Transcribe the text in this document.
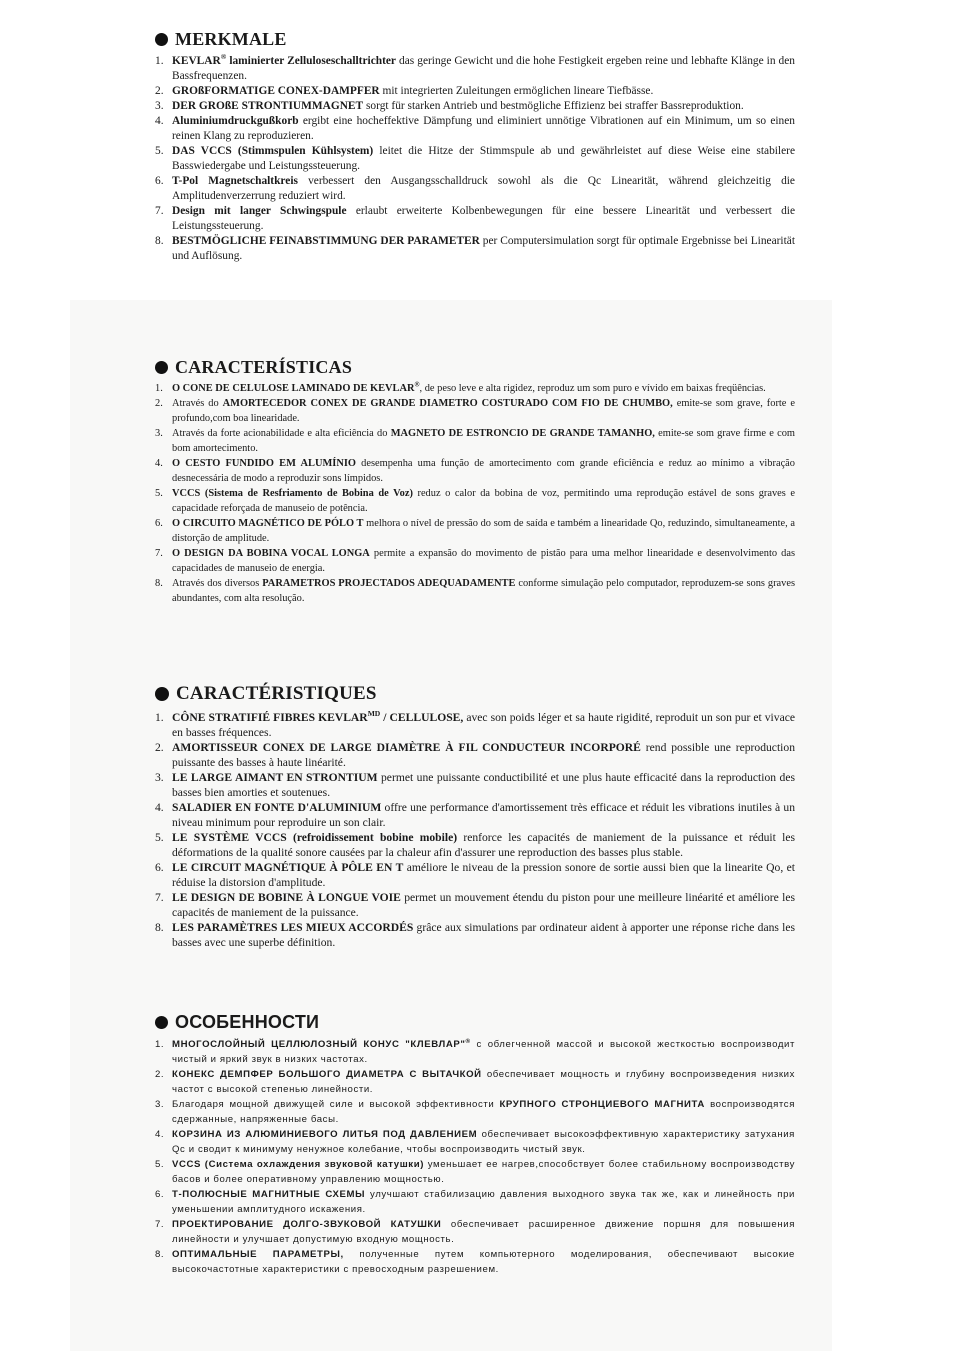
MERKMALE
1. KEVLAR® laminierter Zelluloseschalltrichter das geringe Gewicht und die hohe Festigkeit ergeben reine und lebhafte Klänge in den Bassfrequenzen.
2. GROßFORMATIGE CONEX-DAMPFER mit integrierten Zuleitungen ermöglichen lineare Tiefbässe.
3. DER GROßE STRONTIUMMAGNET sorgt für starken Antrieb und bestmögliche Effizienz bei straffer Bassreproduktion.
4. Aluminiumdruckgußkorb ergibt eine hocheffektive Dämpfung und eliminiert unnötige Vibrationen auf ein Minimum, um so einen reinen Klang zu reproduzieren.
5. DAS VCCS (Stimmspulen Kühlsystem) leitet die Hitze der Stimmspule ab und gewährleistet auf diese Weise eine stabilere Basswiedergabe und Leistungssteuerung.
6. T-Pol Magnetschaltkreis verbessert den Ausgangsschalldruck sowohl als die Qc Linearität, während gleichzeitig die Amplitudenverzerrung reduziert wird.
7. Design mit langer Schwingspule erlaubt erweiterte Kolbenbewegungen für eine bessere Linearität und verbessert die Leistungssteuerung.
8. BESTMÖGLICHE FEINABSTIMMUNG DER PARAMETER per Computersimulation sorgt für optimale Ergebnisse bei Linearität und Auflösung.
CARACTERÍSTICAS
1. O CONE DE CELULOSE LAMINADO DE KEVLAR®, de peso leve e alta rigidez, reproduz um som puro e vívido em baixas freqüências.
2. Através do AMORTECEDOR CONEX DE GRANDE DIAMETRO COSTURADO COM FIO DE CHUMBO, emite-se som grave, forte e profundo,com boa linearidade.
3. Através da forte acionabilidade e alta eficiência do MAGNETO DE ESTRONCIO DE GRANDE TAMANHO, emite-se som grave firme e com bom amortecimento.
4. O CESTO FUNDIDO EM ALUMÍNIO desempenha uma função de amortecimento com grande eficiência e reduz ao mínimo a vibração desnecessária de modo a reproduzir sons límpidos.
5. VCCS (Sistema de Resfriamento de Bobina de Voz) reduz o calor da bobina de voz, permitindo uma reprodução estável de sons graves e capacidade reforçada de manuseio de potência.
6. O CIRCUITO MAGNÉTICO DE PÓLO T melhora o nível de pressão do som de saída e também a linearidade Qo, reduzindo, simultaneamente, a distorção de amplitude.
7. O DESIGN DA BOBINA VOCAL LONGA permite a expansão do movimento de pistão para uma melhor linearidade e desenvolvimento das capacidades de manuseio de energia.
8. Através dos diversos PARAMETROS PROJECTADOS ADEQUADAMENTE conforme simulação pelo computador, reproduzem-se sons graves abundantes, com alta resolução.
CARACTÉRISTIQUES
1. CÔNE STRATIFIÉ FIBRES $KEVLAR^{MD}$ / CELLULOSE, avec son poids léger et sa haute rigidité, reproduit un son pur et vivace en basses fréquences.
2. AMORTISSEUR CONEX DE LARGE DIAMÈTRE À FIL CONDUCTEUR INCORPORÉ rend possible une reproduction puissante des basses à haute linéarité.
3. LE LARGE AIMANT EN STRONTIUM permet une puissante conductibilité et une plus haute efficacité dans la reproduction des basses bien amorties et soutenues.
4. SALADIER EN FONTE D'ALUMINIUM offre une performance d'amortissement très efficace et réduit les vibrations inutiles à un niveau minimum pour reproduire un son clair.
5. LE SYSTÈME VCCS (refroidissement bobine mobile) renforce les capacités de maniement de la puissance et réduit les déformations de la qualité sonore causées par la chaleur afin d'assurer une reproduction des basses plus stable.
6. LE CIRCUIT MAGNÉTIQUE À PÔLE EN T améliore le niveau de la pression sonore de sortie aussi bien que la linearite Qo, et réduise la distorsion d'amplitude.
7. LE DESIGN DE BOBINE À LONGUE VOIE permet un mouvement étendu du piston pour une meilleure linéarité et améliore les capacités de maniement de la puissance.
8. LES PARAMÈTRES LES MIEUX ACCORDÉS grâce aux simulations par ordinateur aident à apporter une réponse riche dans les basses avec une superbe définition.
ОСОБЕННОСТИ
1. МНОГОСЛОЙНЫЙ ЦЕЛЛЮЛОЗНЫЙ КОНУС "КЛЕВЛАР"® с облегченной массой и высокой жесткостью воспроизводит чистый и яркий звук в низких частотах.
2. КОНЕКС ДЕМПФЕР БОЛЬШОГО ДИАМЕТРА С ВЫТАЧКОЙ обеспечивает мощность и глубину воспроизведения низких частот с высокой степенью линейности.
3. Благодаря мощной движущей силе и высокой эффективности КРУПНОГО СТРОНЦИЕВОГО МАГНИТА воспроизводятся сдержанные, напряженные басы.
4. КОРЗИНА ИЗ АЛЮМИНИЕВОГО ЛИТЬЯ ПОД ДАВЛЕНИЕМ обеспечивает высокоэффективную характеристику затухания Qc и сводит к минимуму ненужное колебание, чтобы воспроизводить чистый звук.
5. VCCS (Система охлаждения звуковой катушки) уменьшает ее нагрев,способствует более стабильному воспроизводству басов и более оперативному управлению мощностью.
6. Т-ПОЛЮСНЫЕ МАГНИТНЫЕ СХЕМЫ улучшают стабилизацию давления выходного звука так же, как и линейность при уменьшении амплитудного искажения.
7. ПРОЕКТИРОВАНИЕ ДОЛГО-ЗВУКОВОЙ КАТУШКИ обеспечивает расширенное движение поршня для повышения линейности и улучшает допустимую входную мощность.
8. ОПТИМАЛЬНЫЕ ПАРАМЕТРЫ, полученные путем компьютерного моделирования, обеспечивают высокие высокочастотные характеристики с превосходным разрешением.
